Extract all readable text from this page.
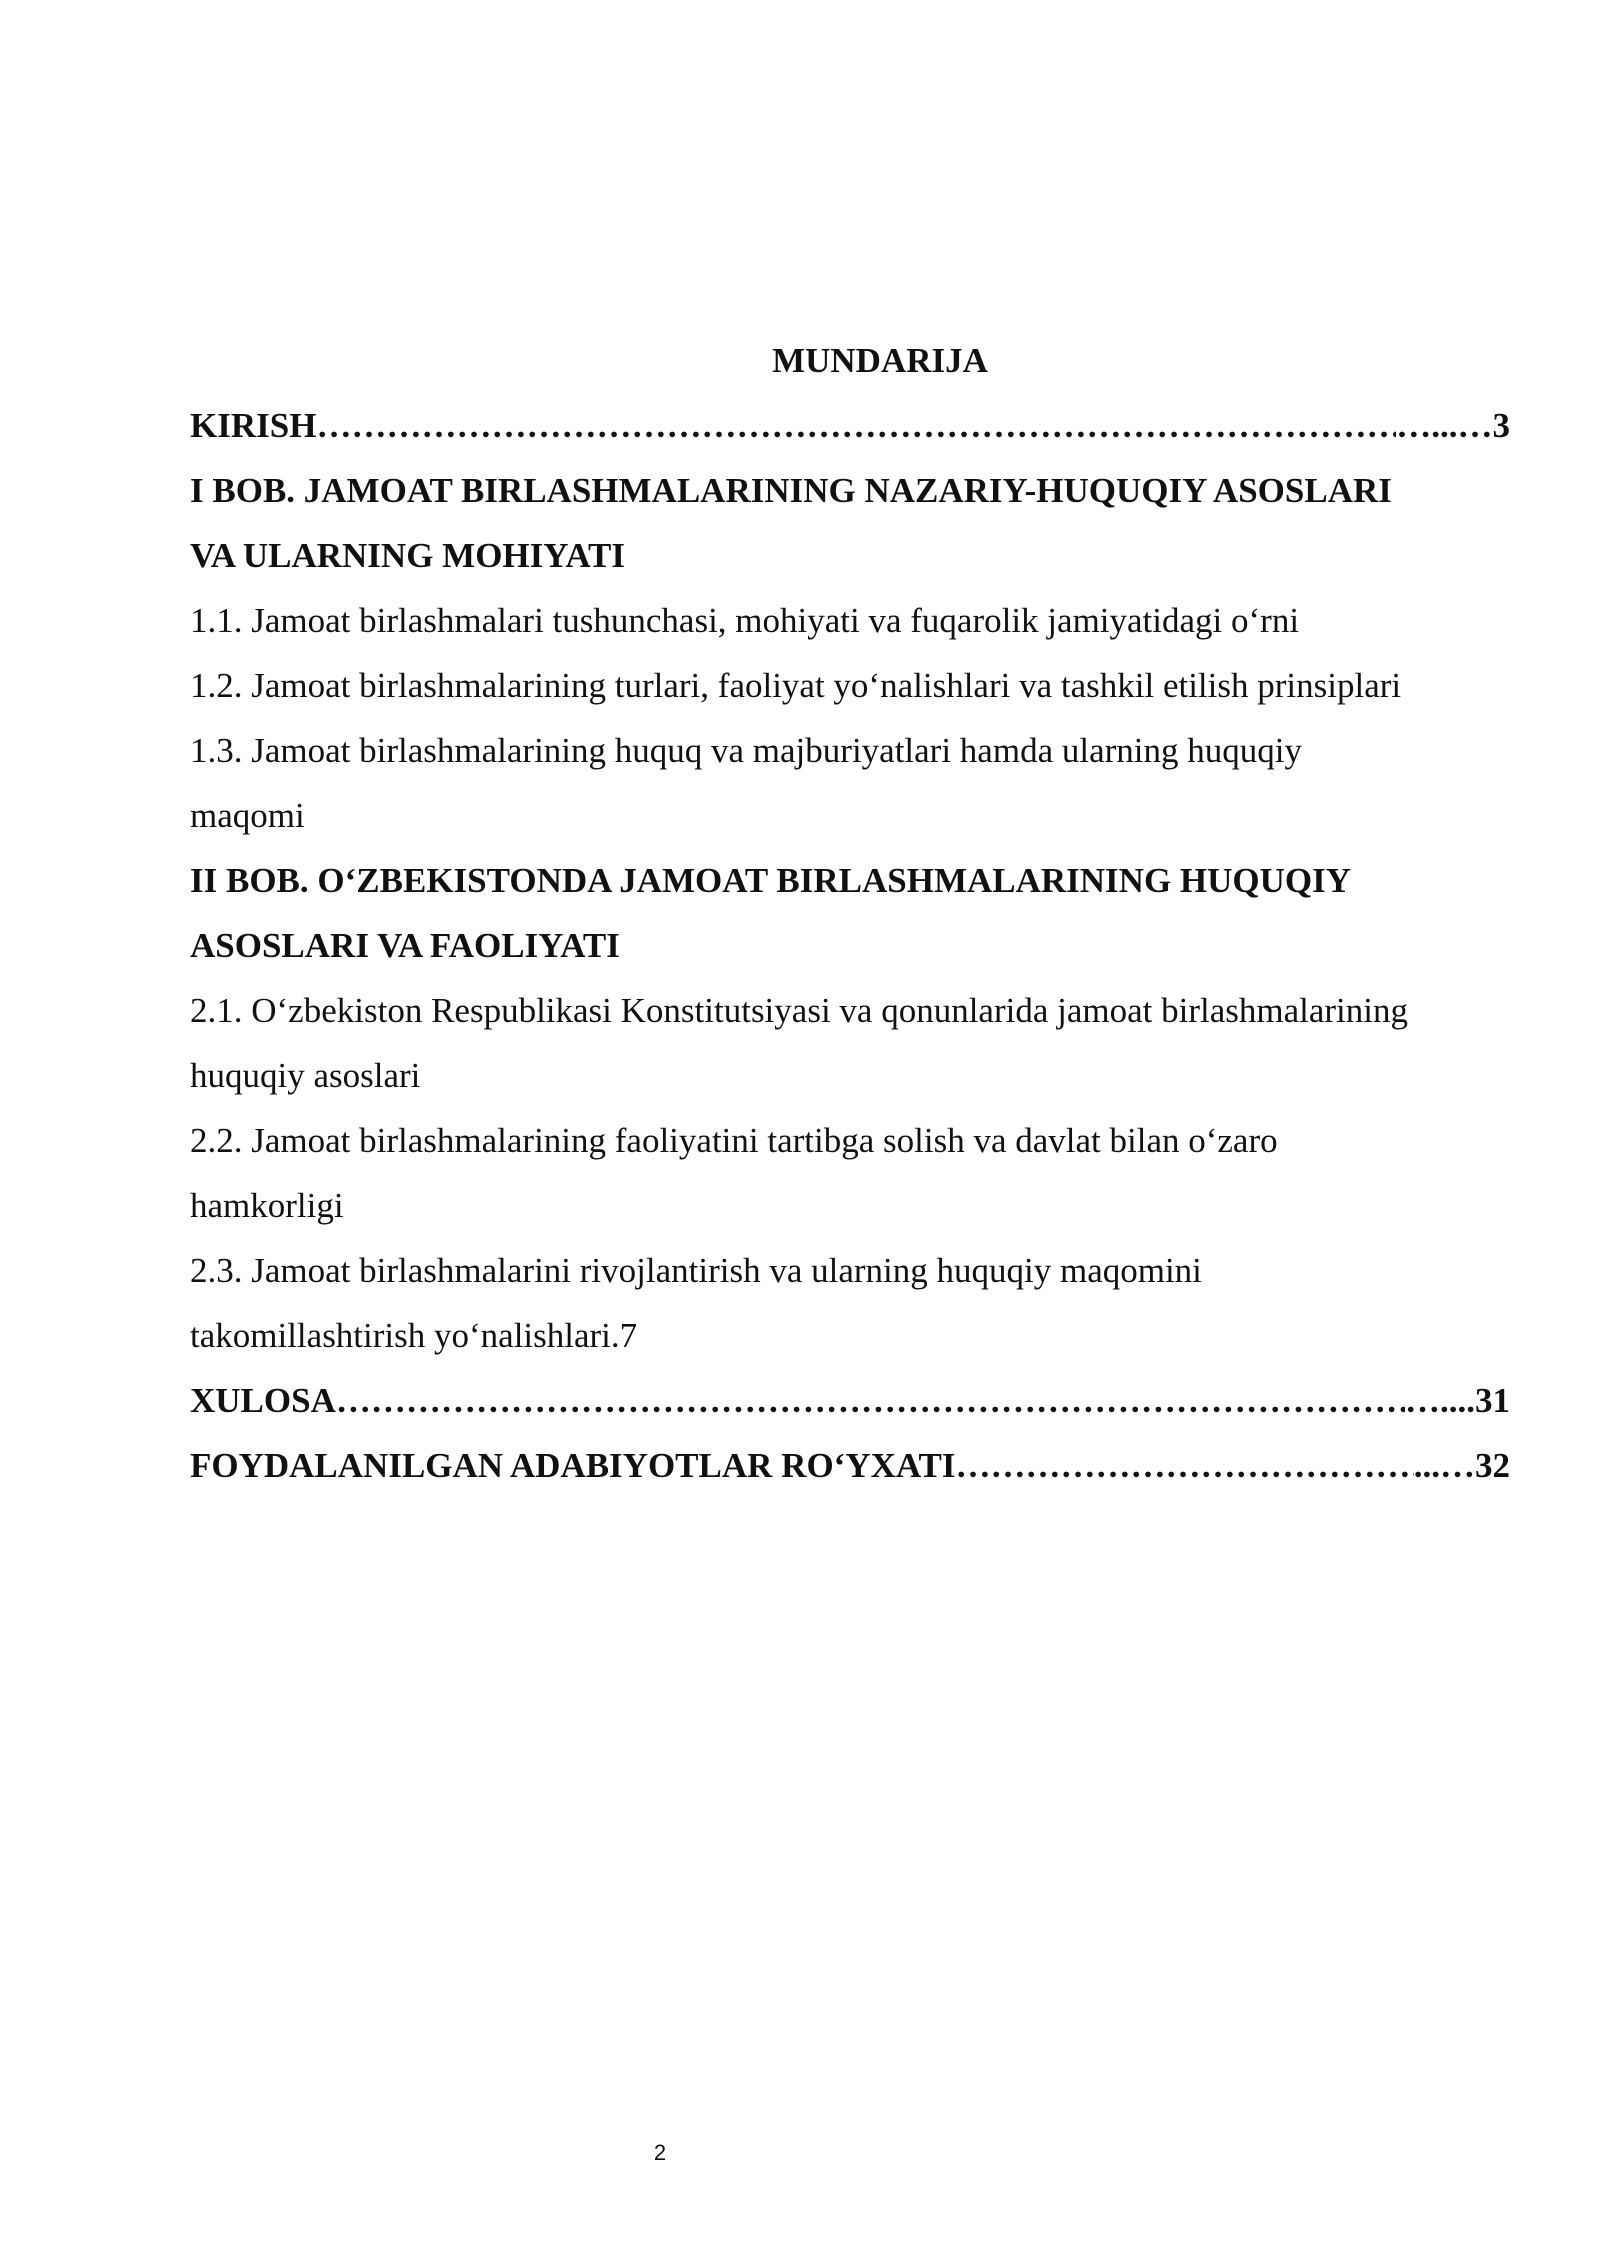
MUNDARIJA
KIRISH ……………………………………………………………………………………………………………………………………………………………………	…...…3
I BOB. JAMOAT BIRLASHMALARINING NAZARIY-HUQUQIY ASOSLARI
VA ULARNING MOHIYATI
1.1. Jamoat birlashmalari tushunchasi, mohiyati va fuqarolik jamiyatidagi o‘rni
1.2. Jamoat birlashmalarining turlari, faoliyat yo‘nalishlari va tashkil etilish prinsiplari
1.3. Jamoat birlashmalarining huquq va majburiyatlari hamda ularning huquqiy
maqomi
II BOB. O‘ZBEKISTONDA JAMOAT BIRLASHMALARINING HUQUQIY
ASOSLARI VA FAOLIYATI
2.1. O‘zbekiston Respublikasi Konstitutsiyasi va qonunlarida jamoat birlashmalarining
huquqiy asoslari
2.2. Jamoat birlashmalarining faoliyatini tartibga solish va davlat bilan o‘zaro
hamkorligi
2.3. Jamoat birlashmalarini rivojlantirish va ularning huquqiy maqomini
takomillashtirish yo‘nalishlari.7
XULOSA ……………………………………………………………………………………………………………………………………………………………………	…....31
FOYDALANILGAN ADABIYOTLAR RO‘YXATI ……………………………………………………………………………………………………………………………………………………………………	...…32
2
